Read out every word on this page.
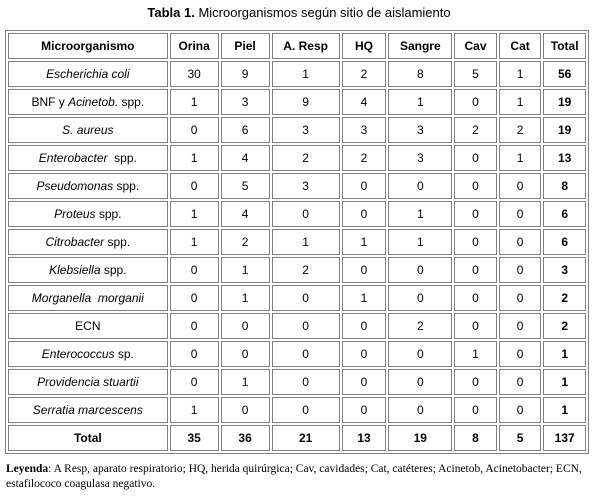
Tabla 1. Microorganismos según sitio de aislamiento
Microorganismo	Orina	Piel	A. Resp	HQ	Sangre	Cav	Cat	Total
Escherichia coli	30	9	1	2	8	5	1	56
BNF y Acinetob. spp.	1	3	9	4	1	0	1	19
S. aureus	0	6	3	3	3	2	2	19
Enterobacter  spp.	1	4	2	2	3	0	1	13
Pseudomonas spp.	0	5	3	0	0	0	0	8
Proteus spp.	1	4	0	0	1	0	0	6
Citrobacter spp.	1	2	1	1	1	0	0	6
Klebsiella spp.	0	1	2	0	0	0	0	3
Morganella  morganii	0	1	0	1	0	0	0	2
ECN	0	0	0	0	2	0	0	2
Enterococcus sp.	0	0	0	0	0	1	0	1
Providencia stuartii	0	1	0	0	0	0	0	1
Serratia marcescens	1	0	0	0	0	0	0	1
Total	35	36	21	13	19	8	5	137
Leyenda: A Resp, aparato respiratorio; HQ, herida quirúrgica; Cav, cavidades; Cat, catéteres; Acinetob, Acinetobacter; ECN, estafilococo coagulasa negativo.
